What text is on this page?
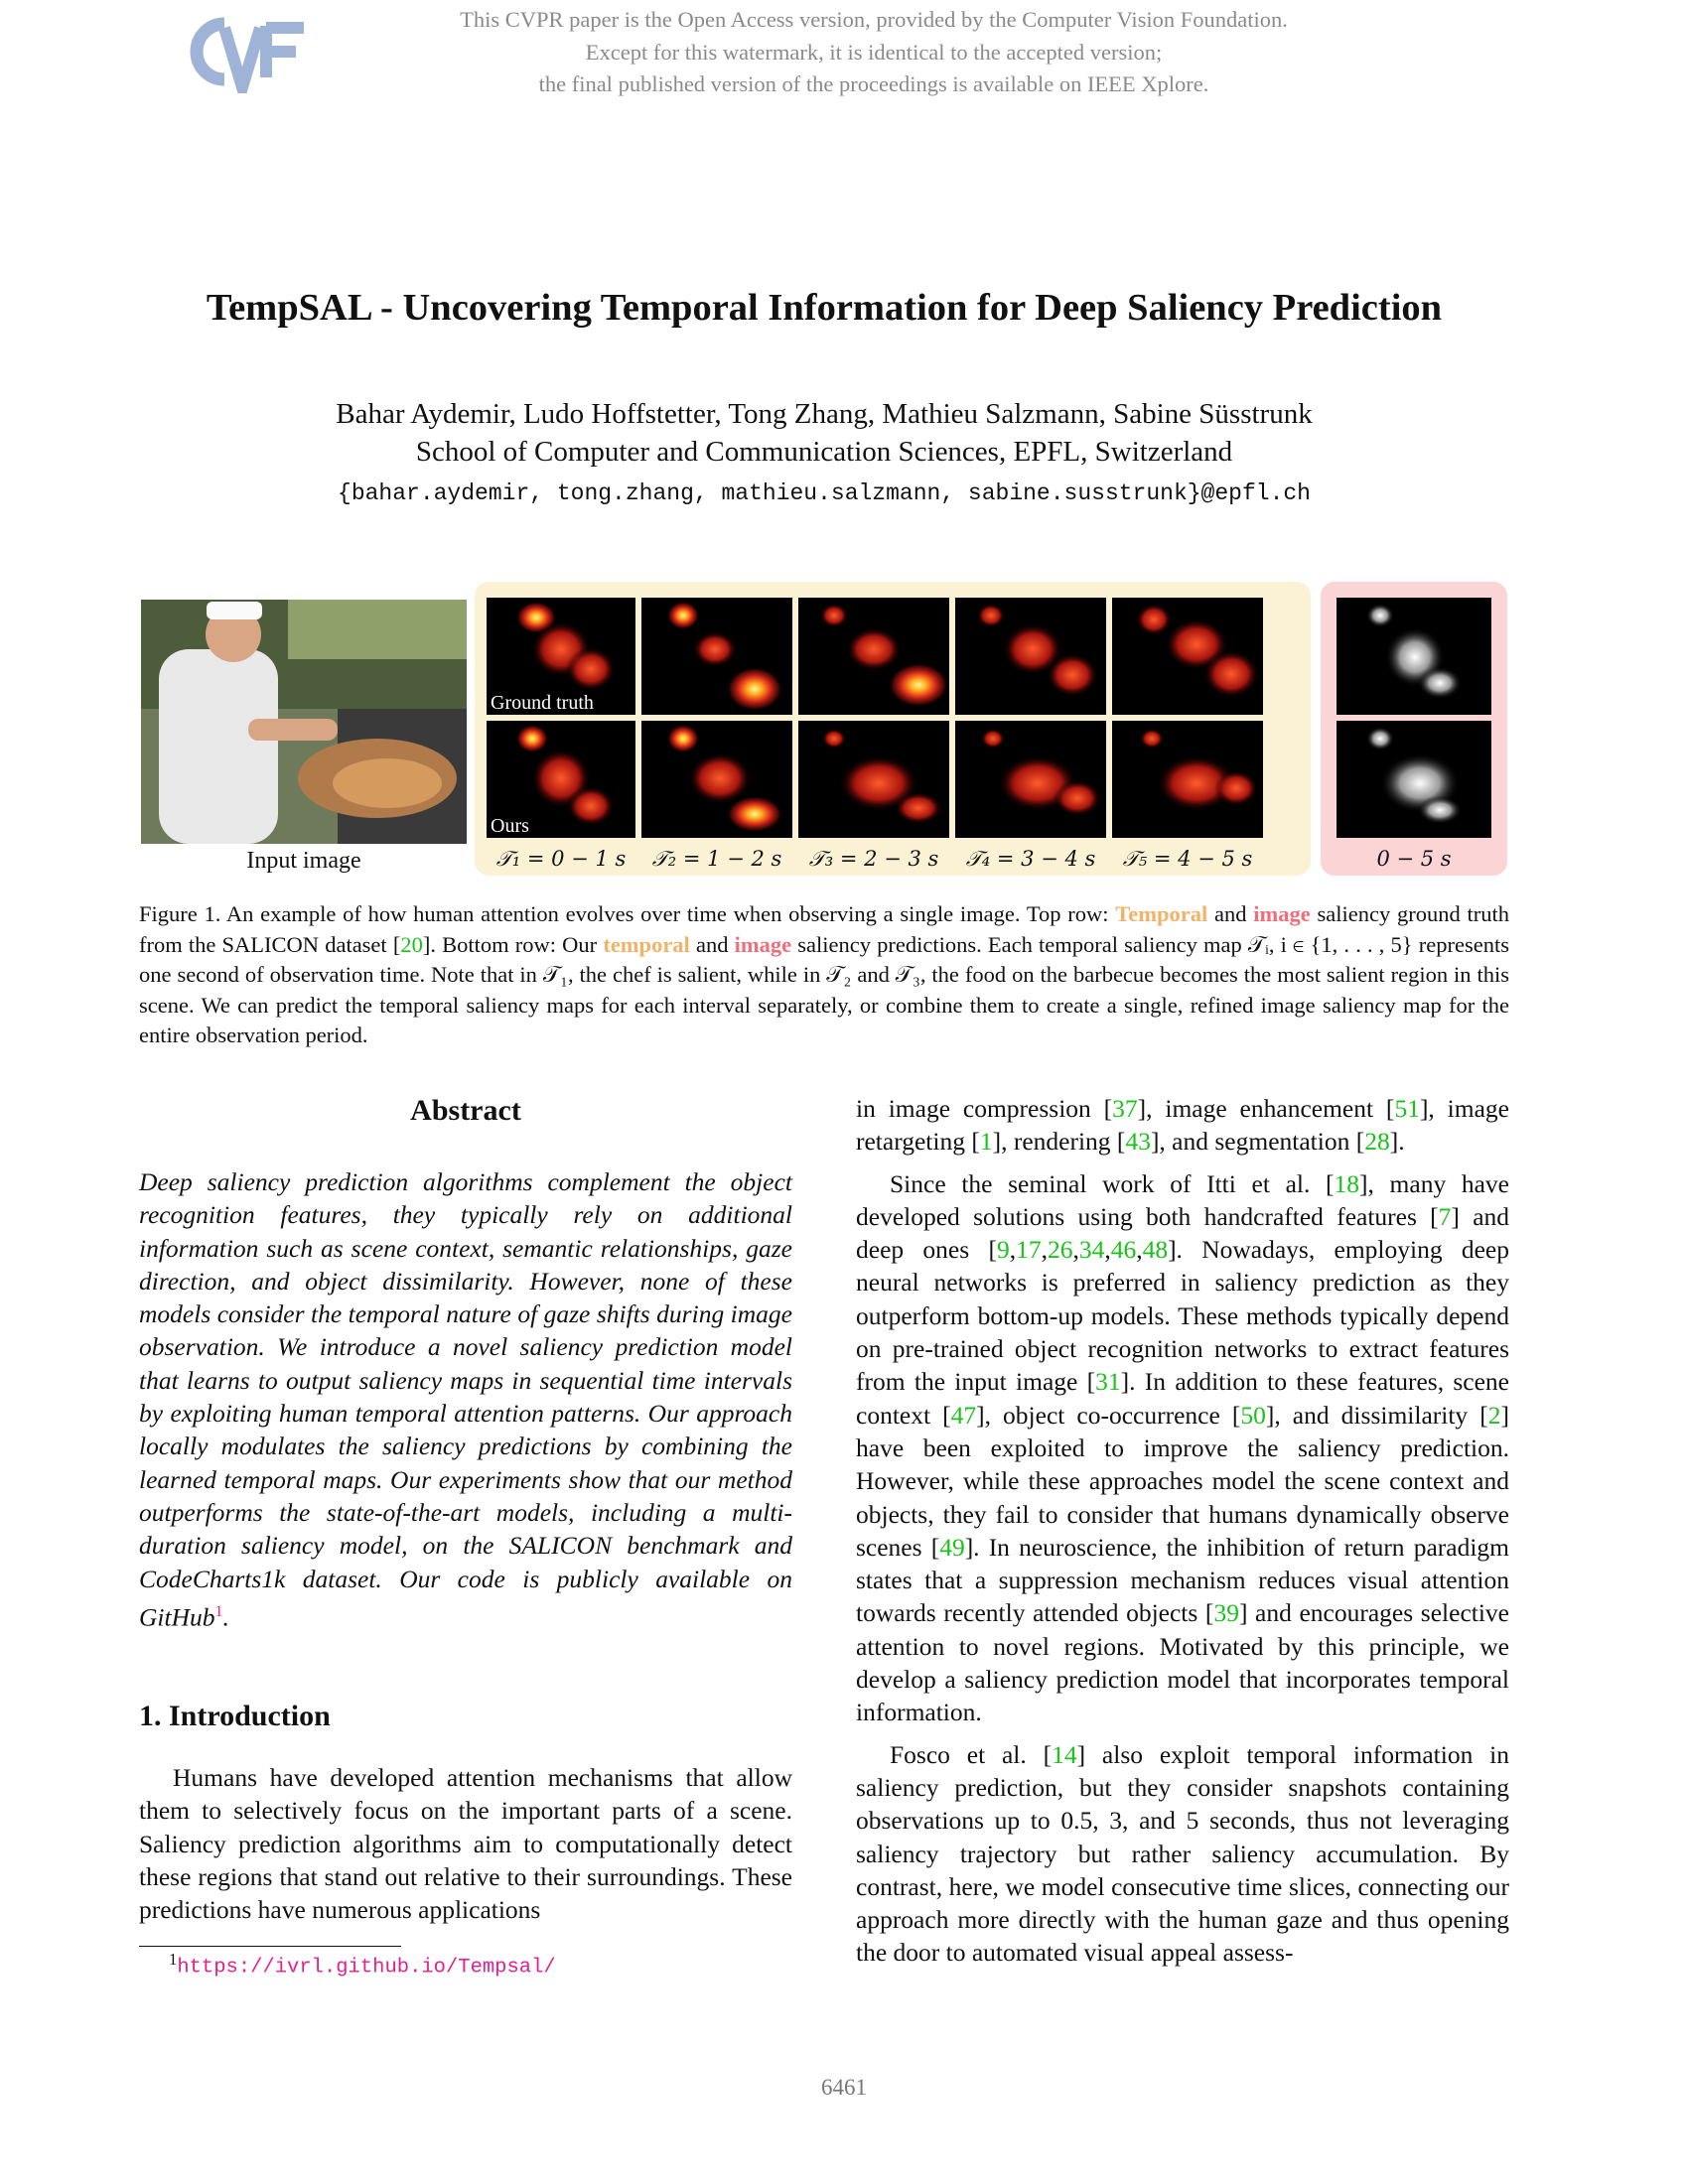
This CVPR paper is the Open Access version, provided by the Computer Vision Foundation.
Except for this watermark, it is identical to the accepted version;
the final published version of the proceedings is available on IEEE Xplore.
TempSAL - Uncovering Temporal Information for Deep Saliency Prediction
Bahar Aydemir, Ludo Hoffstetter, Tong Zhang, Mathieu Salzmann, Sabine Süsstrunk
School of Computer and Communication Sciences, EPFL, Switzerland
{bahar.aydemir, tong.zhang, mathieu.salzmann, sabine.susstrunk}@epfl.ch
Input image
Ground truth
Ours
𝒯₁ = 0 − 1 s 𝒯₂ = 1 − 2 s 𝒯₃ = 2 − 3 s 𝒯₄ = 3 − 4 s 𝒯₅ = 4 − 5 s	0 − 5 s
Figure 1. An example of how human attention evolves over time when observing a single image. Top row: Temporal and image saliency ground truth from the SALICON dataset [20]. Bottom row: Our temporal and image saliency predictions. Each temporal saliency map 𝒯ᵢ, i ∈ {1, . . . , 5} represents one second of observation time. Note that in 𝒯₁, the chef is salient, while in 𝒯₂ and 𝒯₃, the food on the barbecue becomes the most salient region in this scene. We can predict the temporal saliency maps for each interval separately, or combine them to create a single, refined image saliency map for the entire observation period.
Abstract

Deep saliency prediction algorithms complement the object recognition features, they typically rely on additional information such as scene context, semantic relationships, gaze direction, and object dissimilarity. However, none of these models consider the temporal nature of gaze shifts during image observation. We introduce a novel saliency prediction model that learns to output saliency maps in sequential time intervals by exploiting human temporal attention patterns. Our approach locally modulates the saliency predictions by combining the learned temporal maps. Our experiments show that our method outperforms the state-of-the-art models, including a multi-duration saliency model, on the SALICON benchmark and CodeCharts1k dataset. Our code is publicly available on GitHub$^1$.

1. Introduction

Humans have developed attention mechanisms that allow them to selectively focus on the important parts of a scene. Saliency prediction algorithms aim to computationally detect these regions that stand out relative to their surroundings. These predictions have numerous applications

$^1$https://ivrl.github.io/Tempsal/

in image compression [37], image enhancement [51], image retargeting [1], rendering [43], and segmentation [28].

Since the seminal work of Itti et al. [18], many have developed solutions using both handcrafted features [7] and deep ones [9,17,26,34,46,48]. Nowadays, employing deep neural networks is preferred in saliency prediction as they outperform bottom-up models. These methods typically depend on pre-trained object recognition networks to extract features from the input image [31]. In addition to these features, scene context [47], object co-occurrence [50], and dissimilarity [2] have been exploited to improve the saliency prediction. However, while these approaches model the scene context and objects, they fail to consider that humans dynamically observe scenes [49]. In neuroscience, the inhibition of return paradigm states that a suppression mechanism reduces visual attention towards recently attended objects [39] and encourages selective attention to novel regions. Motivated by this principle, we develop a saliency prediction model that incorporates temporal information.

Fosco et al. [14] also exploit temporal information in saliency prediction, but they consider snapshots containing observations up to 0.5, 3, and 5 seconds, thus not leveraging saliency trajectory but rather saliency accumulation. By contrast, here, we model consecutive time slices, connecting our approach more directly with the human gaze and thus opening the door to automated visual appeal assess-

6461
